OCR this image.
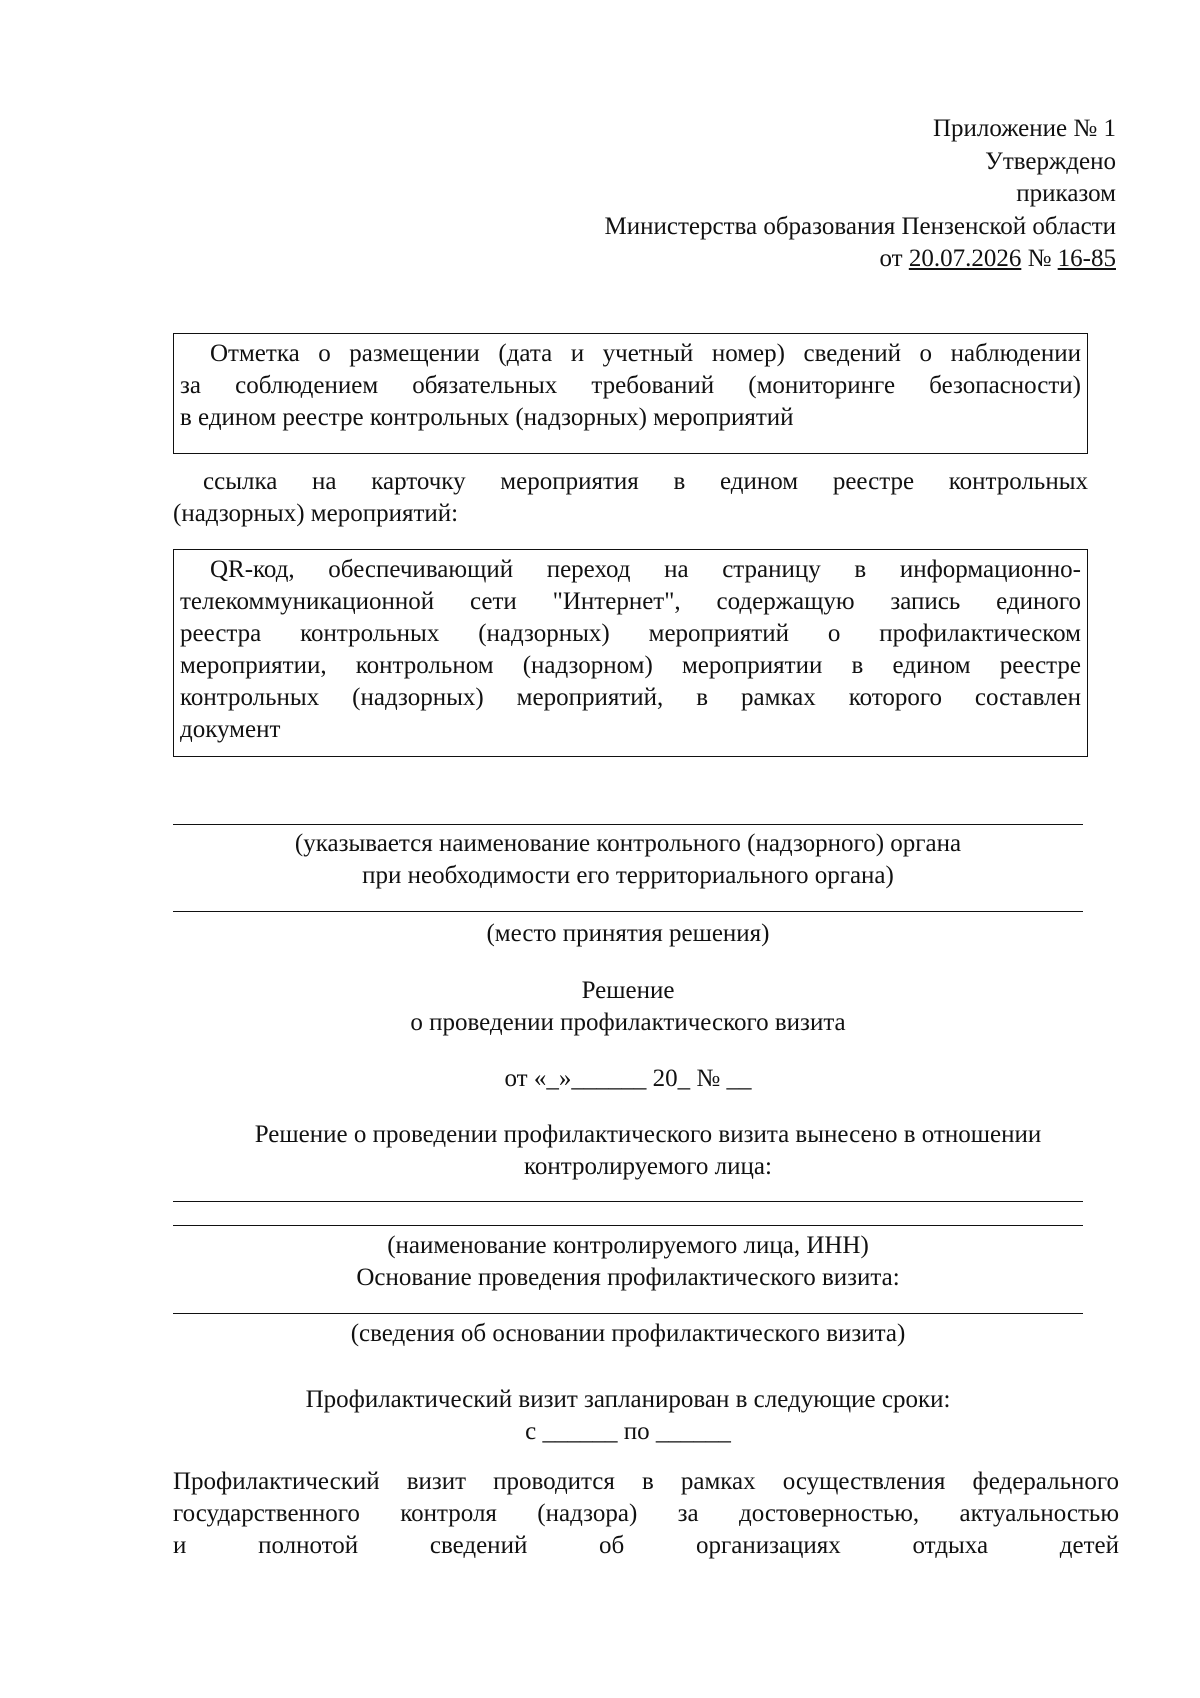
Приложение № 1
Утверждено
приказом
Министерства образования Пензенской области
от 20.07.2026 № 16-85

Отметка о размещении (дата и учетный номер) сведений о наблюдении

за соблюдением обязательных требований (мониторинге безопасности)

в едином реестре контрольных (надзорных) мероприятий

ссылка на карточку мероприятия в едином реестре контрольных

(надзорных) мероприятий:

QR-код, обеспечивающий переход на страницу в информационно-

телекоммуникационной сети "Интернет", содержащую запись единого

реестра контрольных (надзорных) мероприятий о профилактическом

мероприятии, контрольном (надзорном) мероприятии в едином реестре

контрольных (надзорных) мероприятий, в рамках которого составлен

документ

(указывается наименование контрольного (надзорного) органа
при необходимости его территориального органа)
(место принятия решения)
Решение
о проведении профилактического визита
от «_»______ 20_ № __
Решение о проведении профилактического визита вынесено в отношении
контролируемого лица:
(наименование контролируемого лица, ИНН)
Основание проведения профилактического визита:
(сведения об основании профилактического визита)
Профилактический визит запланирован в следующие сроки:
с ______ по ______

Профилактический визит проводится в рамках осуществления федерального

государственного контроля (надзора) за достоверностью, актуальностью

и полнотой сведений об организациях отдыха детей
